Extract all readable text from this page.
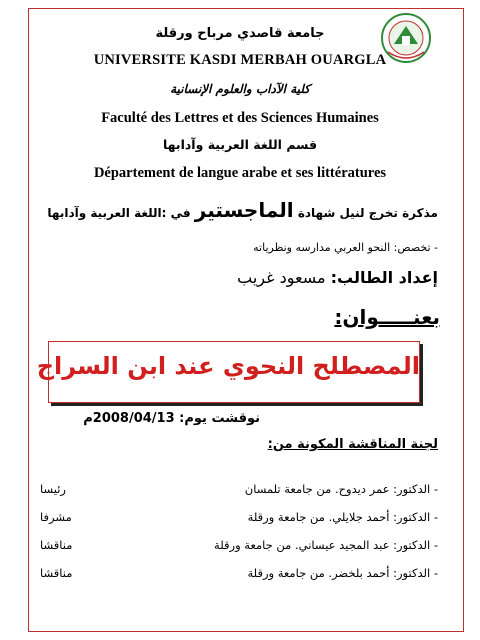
جامعة قاصدي مرباح ورقلة
UNIVERSITE KASDI MERBAH OUARGLA
كلية الآداب والعلوم الإنسانية
Faculté des Lettres et des Sciences Humaines
قسم اللغة العربية وآدابها
Département de langue arabe et ses littératures
مذكرة تخرج لنيل شهادة الماجستير في :اللغة العربية وآدابها
- تخصص: النحو العربي مدارسه ونظرياته
إعداد الطالب: مسعود غريب
بعنـــــوان:
المصطلح النحوي عند ابن السراج
نوقشت يوم: 2008/04/13م
لجنة المناقشة المكونة من:
- الدكتور: عمر ديدوح. من جامعة تلمسان
رئيسا
- الدكتور: أحمد جلايلي. من جامعة ورقلة
مشرفا
- الدكتور: عبد المجيد عيساني. من جامعة ورقلة
مناقشا
- الدكتور: أحمد بلخضر. من جامعة ورقلة
مناقشا
